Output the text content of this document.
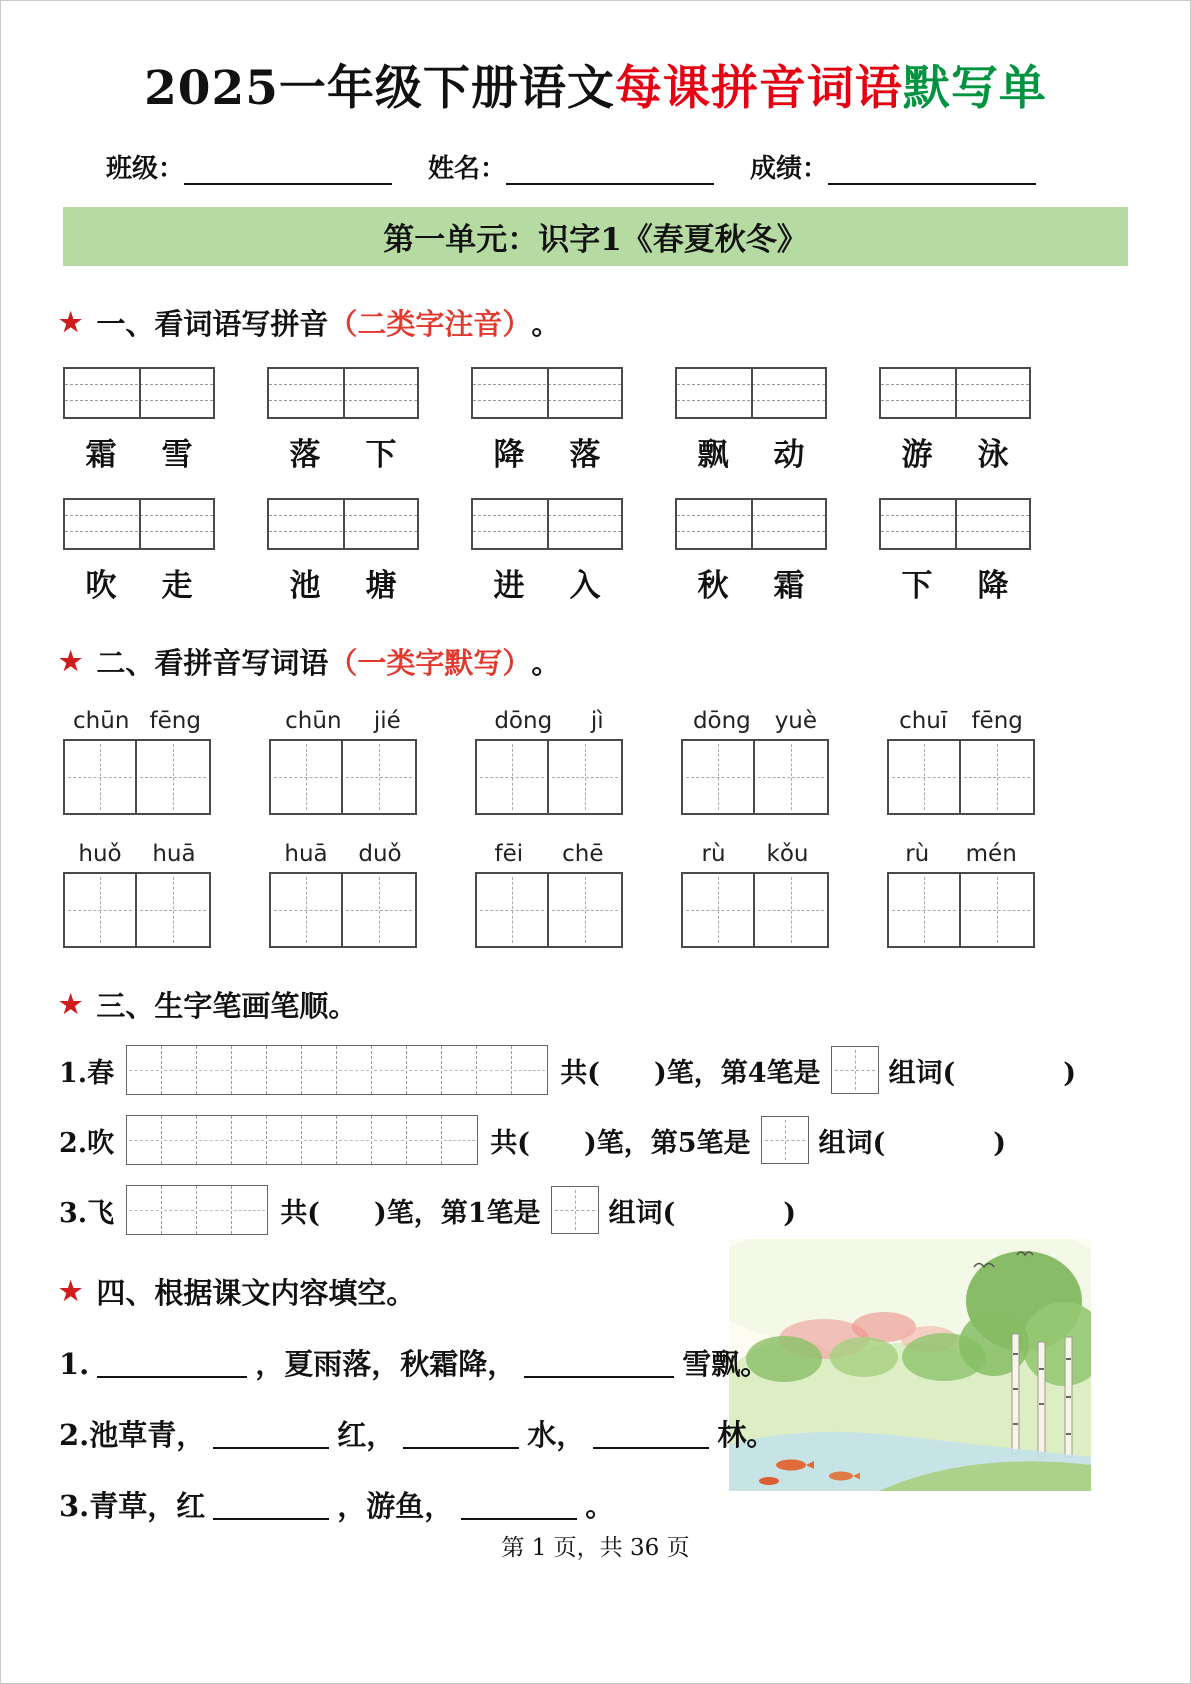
2025一年级下册语文每课拼音词语默写单
班级：	姓名：	成绩：
第一单元：识字1《春夏秋冬》
★ 一、看词语写拼音 （二类字注音） 。
霜 雪	落 下	降 落	飘 动	游 泳
吹 走	池 塘	进 入	秋 霜	下 降
★ 二、看拼音写词语 （一类字默写） 。
chūn fēng	chūn jié	dōng jì	dōng yuè	chuī fēng
huǒ huā	huā duǒ	fēi chē	rù kǒu	rù mén
★ 三、生字笔画笔顺。
1.春	共(　　)笔，第4笔是	组词(　　　　)
2.吹	共(　　)笔，第5笔是	组词(　　　　)
3.飞	共(　　)笔，第1笔是	组词(　　　　)
★ 四、根据课文内容填空。
1.	，夏雨落，秋霜降，	雪飘。
2.池草青，	红，	水，	林。
3.青草，红	，游鱼，	。
第 1 页，共 36 页
